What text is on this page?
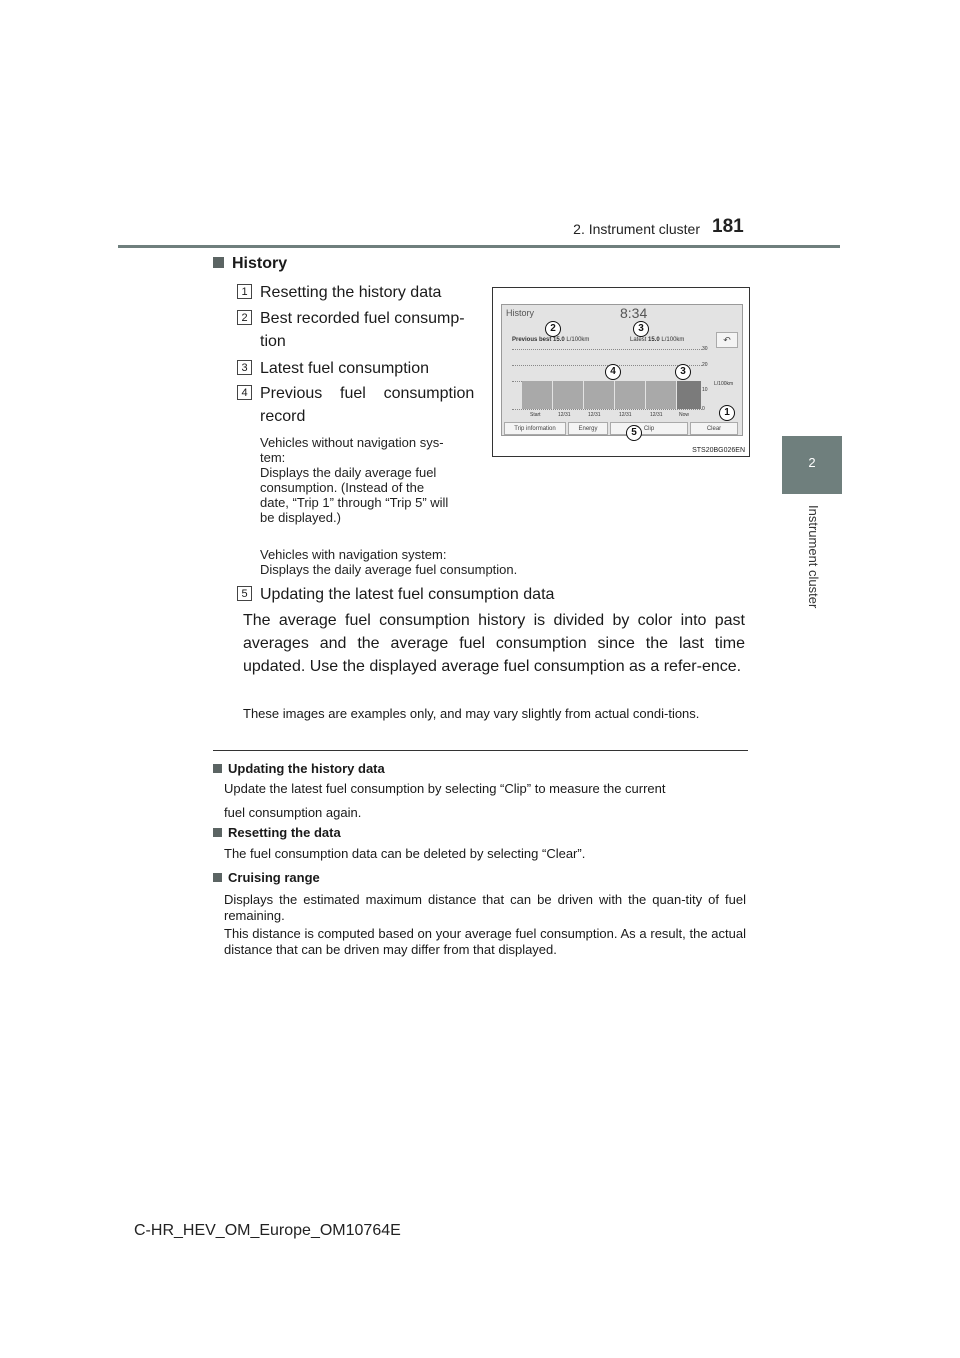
2. Instrument cluster 181
2
Instrument cluster
History
1 Resetting the history data
2 Best recorded fuel consump-
tion
3 Latest fuel consumption
4 Previous    fuel    consumption
record
Vehicles without navigation sys-
tem:
Displays the daily average fuel
consumption. (Instead of the
date, “Trip 1” through “Trip 5” will
be displayed.)
Vehicles with navigation system:
Displays the daily average fuel consumption.
5 Updating the latest fuel consumption data
The average fuel consumption history is divided by color into past averages and the average fuel consumption since the last time updated. Use the displayed average fuel consumption as a refer-ence.
These images are examples only, and may vary slightly from actual condi-tions.
History	8:34
↶
Previous best 15.0 L/100km	Latest 15.0 L/100km
30
20
10
0
L/100km
Start	12/31	12/31	12/31	12/31	Now
Trip information	Energy	Clip	Clear
2	3
4	3
1
5
STS20BG026EN
Updating the history data
Update the latest fuel consumption by selecting “Clip” to measure the current
fuel consumption again.
Resetting the data
The fuel consumption data can be deleted by selecting “Clear”.
Cruising range
Displays the estimated maximum distance that can be driven with the quan-tity of fuel remaining.
This distance is computed based on your average fuel consumption. As a result, the actual distance that can be driven may differ from that displayed.
C-HR_HEV_OM_Europe_OM10764E
